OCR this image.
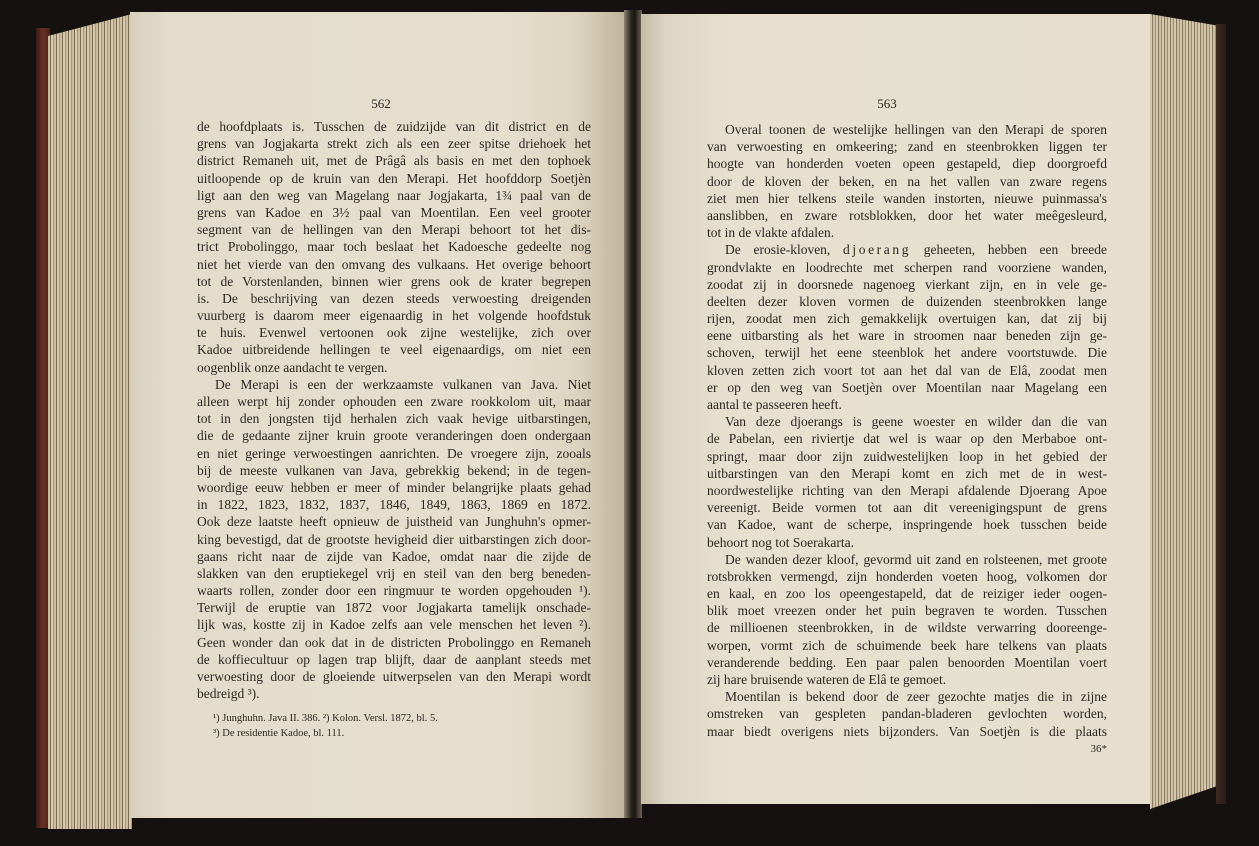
562	563
de hoofdplaats is. Tusschen de zuidzijde van dit district en de
grens van Jogjakarta strekt zich als een zeer spitse driehoek het
district Remaneh uit, met de Prâgâ als basis en met den tophoek
uitloopende op de kruin van den Merapi. Het hoofddorp Soetjèn
ligt aan den weg van Magelang naar Jogjakarta, 1¾ paal van de
grens van Kadoe en 3½ paal van Moentilan. Een veel grooter
segment van de hellingen van den Merapi behoort tot het dis-
trict Probolinggo, maar toch beslaat het Kadoesche gedeelte nog
niet het vierde van den omvang des vulkaans. Het overige behoort
tot de Vorstenlanden, binnen wier grens ook de krater begrepen
is. De beschrijving van dezen steeds verwoesting dreigenden
vuurberg is daarom meer eigenaardig in het volgende hoofdstuk
te huis. Evenwel vertoonen ook zijne westelijke, zich over
Kadoe uitbreidende hellingen te veel eigenaardigs, om niet een
oogenblik onze aandacht te vergen.
De Merapi is een der werkzaamste vulkanen van Java. Niet
alleen werpt hij zonder ophouden een zware rookkolom uit, maar
tot in den jongsten tijd herhalen zich vaak hevige uitbarstingen,
die de gedaante zijner kruin groote veranderingen doen ondergaan
en niet geringe verwoestingen aanrichten. De vroegere zijn, zooals
bij de meeste vulkanen van Java, gebrekkig bekend; in de tegen-
woordige eeuw hebben er meer of minder belangrijke plaats gehad
in 1822, 1823, 1832, 1837, 1846, 1849, 1863, 1869 en 1872.
Ook deze laatste heeft opnieuw de juistheid van Junghuhn's opmer-
king bevestigd, dat de grootste hevigheid dier uitbarstingen zich door-
gaans richt naar de zijde van Kadoe, omdat naar die zijde de
slakken van den eruptiekegel vrij en steil van den berg beneden-
waarts rollen, zonder door een ringmuur te worden opgehouden ¹).
Terwijl de eruptie van 1872 voor Jogjakarta tamelijk onschade-
lijk was, kostte zij in Kadoe zelfs aan vele menschen het leven ²).
Geen wonder dan ook dat in de districten Probolinggo en Remaneh
de koffiecultuur op lagen trap blijft, daar de aanplant steeds met
verwoesting door de gloeiende uitwerpselen van den Merapi wordt
bedreigd ³).
¹) Junghuhn. Java II. 386. ²) Kolon. Versl. 1872, bl. 5.
³) De residentie Kadoe, bl. 111.
Overal toonen de westelijke hellingen van den Merapi de sporen
van verwoesting en omkeering; zand en steenbrokken liggen ter
hoogte van honderden voeten opeen gestapeld, diep doorgroefd
door de kloven der beken, en na het vallen van zware regens
ziet men hier telkens steile wanden instorten, nieuwe puinmassa's
aanslibben, en zware rotsblokken, door het water meêgesleurd,
tot in de vlakte afdalen.
De erosie-kloven, djoerang geheeten, hebben een breede
grondvlakte en loodrechte met scherpen rand voorziene wanden,
zoodat zij in doorsnede nagenoeg vierkant zijn, en in vele ge-
deelten dezer kloven vormen de duizenden steenbrokken lange
rijen, zoodat men zich gemakkelijk overtuigen kan, dat zij bij
eene uitbarsting als het ware in stroomen naar beneden zijn ge-
schoven, terwijl het eene steenblok het andere voortstuwde. Die
kloven zetten zich voort tot aan het dal van de Elâ, zoodat men
er op den weg van Soetjèn over Moentilan naar Magelang een
aantal te passeeren heeft.
Van deze djoerangs is geene woester en wilder dan die van
de Pabelan, een riviertje dat wel is waar op den Merbaboe ont-
springt, maar door zijn zuidwestelijken loop in het gebied der
uitbarstingen van den Merapi komt en zich met de in west-
noordwestelijke richting van den Merapi afdalende Djoerang Apoe
vereenigt. Beide vormen tot aan dit vereenigingspunt de grens
van Kadoe, want de scherpe, inspringende hoek tusschen beide
behoort nog tot Soerakarta.
De wanden dezer kloof, gevormd uit zand en rolsteenen, met groote
rotsbrokken vermengd, zijn honderden voeten hoog, volkomen dor
en kaal, en zoo los opeengestapeld, dat de reiziger ieder oogen-
blik moet vreezen onder het puin begraven te worden. Tusschen
de millioenen steenbrokken, in de wildste verwarring dooreenge-
worpen, vormt zich de schuimende beek hare telkens van plaats
veranderende bedding. Een paar palen benoorden Moentilan voert
zij hare bruisende wateren de Elâ te gemoet.
Moentilan is bekend door de zeer gezochte matjes die in zijne
omstreken van gespleten pandan-bladeren gevlochten worden,
maar biedt overigens niets bijzonders. Van Soetjèn is die plaats
36*
